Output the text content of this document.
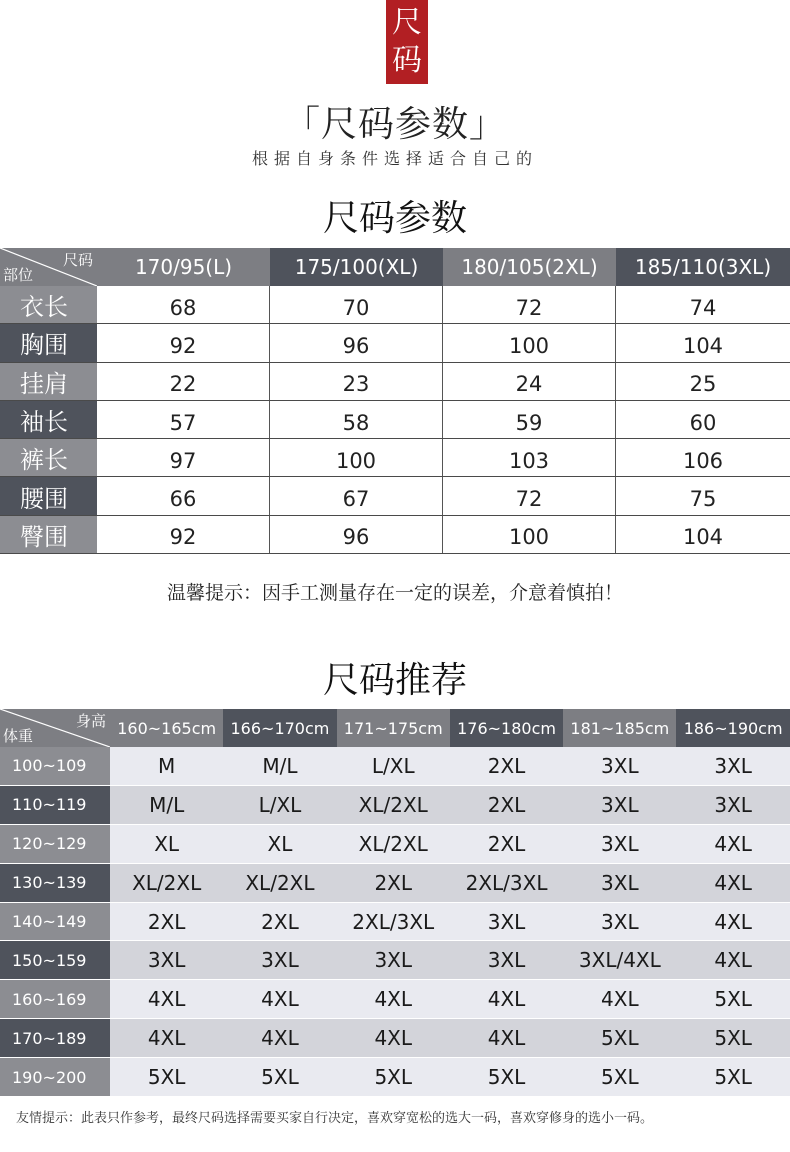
尺
码
「尺码参数」
根据自身条件选择适合自己的
尺码参数
尺码
部位	170/95(L)	175/100(XL)	180/105(2XL)	185/110(3XL)
衣长	68	70	72	74
胸围	92	96	100	104
挂肩	22	23	24	25
袖长	57	58	59	60
裤长	97	100	103	106
腰围	66	67	72	75
臀围	92	96	100	104
温馨提示：因手工测量存在一定的误差，介意着慎拍！
尺码推荐
身高
体重	160~165cm 166~170cm 171~175cm 176~180cm 181~185cm 186~190cm
100~109	M	M/L	L/XL	2XL	3XL	3XL
110~119	M/L	L/XL	XL/2XL	2XL	3XL	3XL
120~129	XL	XL	XL/2XL	2XL	3XL	4XL
130~139	XL/2XL	XL/2XL	2XL	2XL/3XL	3XL	4XL
140~149	2XL	2XL	2XL/3XL	3XL	3XL	4XL
150~159	3XL	3XL	3XL	3XL	3XL/4XL	4XL
160~169	4XL	4XL	4XL	4XL	4XL	5XL
170~189	4XL	4XL	4XL	4XL	5XL	5XL
190~200	5XL	5XL	5XL	5XL	5XL	5XL
友情提示：此表只作参考，最终尺码选择需要买家自行决定，喜欢穿宽松的选大一码，喜欢穿修身的选小一码。
